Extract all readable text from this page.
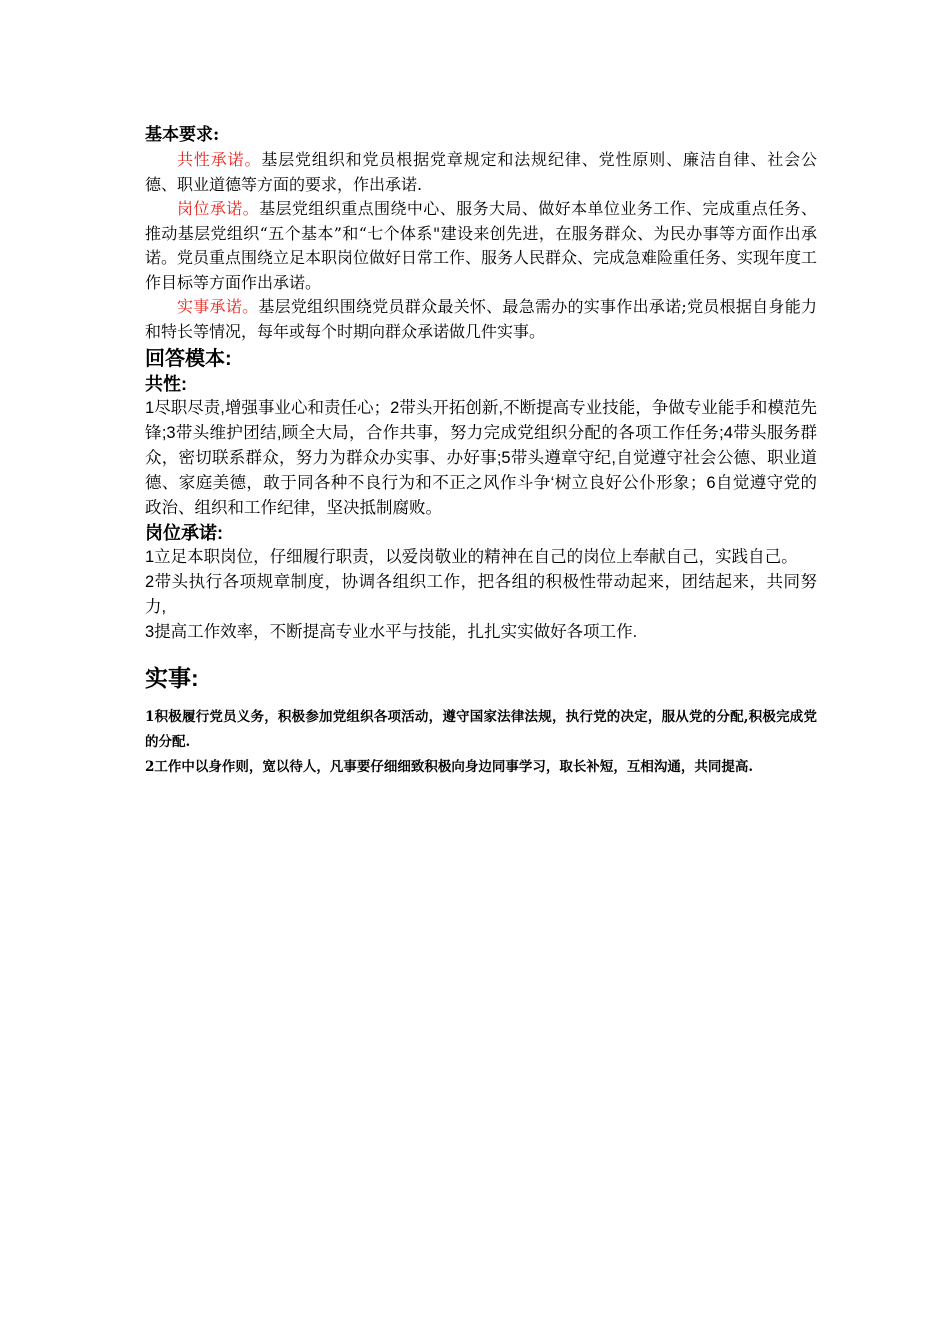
基本要求:

共性承诺。基层党组织和党员根据党章规定和法规纪律、党性原则、廉洁自律、社会公德、职业道德等方面的要求，作出承诺.

岗位承诺。基层党组织重点围绕中心、服务大局、做好本单位业务工作、完成重点任务、推动基层党组织“五个基本”和“七个体系"建设来创先进，在服务群众、为民办事等方面作出承诺。党员重点围绕立足本职岗位做好日常工作、服务人民群众、完成急难险重任务、实现年度工作目标等方面作出承诺。

实事承诺。基层党组织围绕党员群众最关怀、最急需办的实事作出承诺;党员根据自身能力和特长等情况，每年或每个时期向群众承诺做几件实事。

回答模本:

共性:

1尽职尽责,增强事业心和责任心；2带头开拓创新,不断提高专业技能，争做专业能手和模范先锋;3带头维护团结,顾全大局，合作共事，努力完成党组织分配的各项工作任务;4带头服务群众，密切联系群众，努力为群众办实事、办好事;5带头遵章守纪,自觉遵守社会公德、职业道德、家庭美德，敢于同各种不良行为和不正之风作斗争‘树立良好公仆形象；6自觉遵守党的政治、组织和工作纪律，坚决抵制腐败。

岗位承诺:

1立足本职岗位，仔细履行职责，以爱岗敬业的精神在自己的岗位上奉献自己，实践自己。

2带头执行各项规章制度，协调各组织工作，把各组的积极性带动起来，团结起来，共同努力,

3提高工作效率，不断提高专业水平与技能，扎扎实实做好各项工作.

实事:

1积极履行党员义务，积极参加党组织各项活动，遵守国家法律法规，执行党的决定，服从党的分配,积极完成党的分配.

2工作中以身作则，宽以待人，凡事要仔细细致积极向身边同事学习，取长补短，互相沟通，共同提高.
